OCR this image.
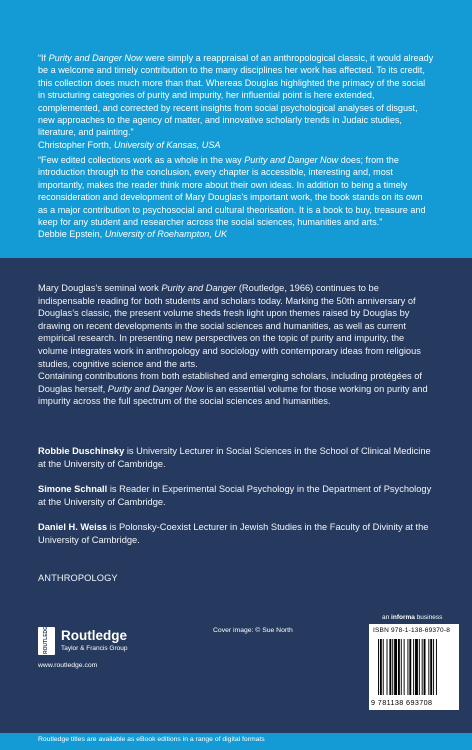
“If Purity and Danger Now were simply a reappraisal of an anthropological classic, it would already be a welcome and timely contribution to the many disciplines her work has affected. To its credit, this collection does much more than that. Whereas Douglas highlighted the primacy of the social in structuring categories of purity and impurity, her influential point is here extended, complemented, and corrected by recent insights from social psychological analyses of disgust, new approaches to the agency of matter, and innovative scholarly trends in Judaic studies, literature, and painting.”
Christopher Forth, University of Kansas, USA
“Few edited collections work as a whole in the way Purity and Danger Now does; from the introduction through to the conclusion, every chapter is accessible, interesting and, most importantly, makes the reader think more about their own ideas. In addition to being a timely reconsideration and development of Mary Douglas’s important work, the book stands on its own as a major contribution to psychosocial and cultural theorisation. It is a book to buy, treasure and keep for any student and researcher across the social sciences, humanities and arts.”
Debbie Epstein, University of Roehampton, UK
Mary Douglas’s seminal work Purity and Danger (Routledge, 1966) continues to be indispensable reading for both students and scholars today. Marking the 50th anniversary of Douglas’s classic, the present volume sheds fresh light upon themes raised by Douglas by drawing on recent developments in the social sciences and humanities, as well as current empirical research. In presenting new perspectives on the topic of purity and impurity, the volume integrates work in anthropology and sociology with contemporary ideas from religious studies, cognitive science and the arts.
Containing contributions from both established and emerging scholars, including protégées of Douglas herself, Purity and Danger Now is an essential volume for those working on purity and impurity across the full spectrum of the social sciences and humanities.
Robbie Duschinsky is University Lecturer in Social Sciences in the School of Clinical Medicine at the University of Cambridge.
Simone Schnall is Reader in Experimental Social Psychology in the Department of Psychology at the University of Cambridge.
Daniel H. Weiss is Polonsky-Coexist Lecturer in Jewish Studies in the Faculty of Divinity at the University of Cambridge.
ANTHROPOLOGY
ROUTLEDGE Routledge
Taylor & Francis Group
www.routledge.com
Cover image: © Sue North
an informa business
ISBN 978-1-138-69370-8
9 781138 693708
Routledge titles are available as eBook editions in a range of digital formats
